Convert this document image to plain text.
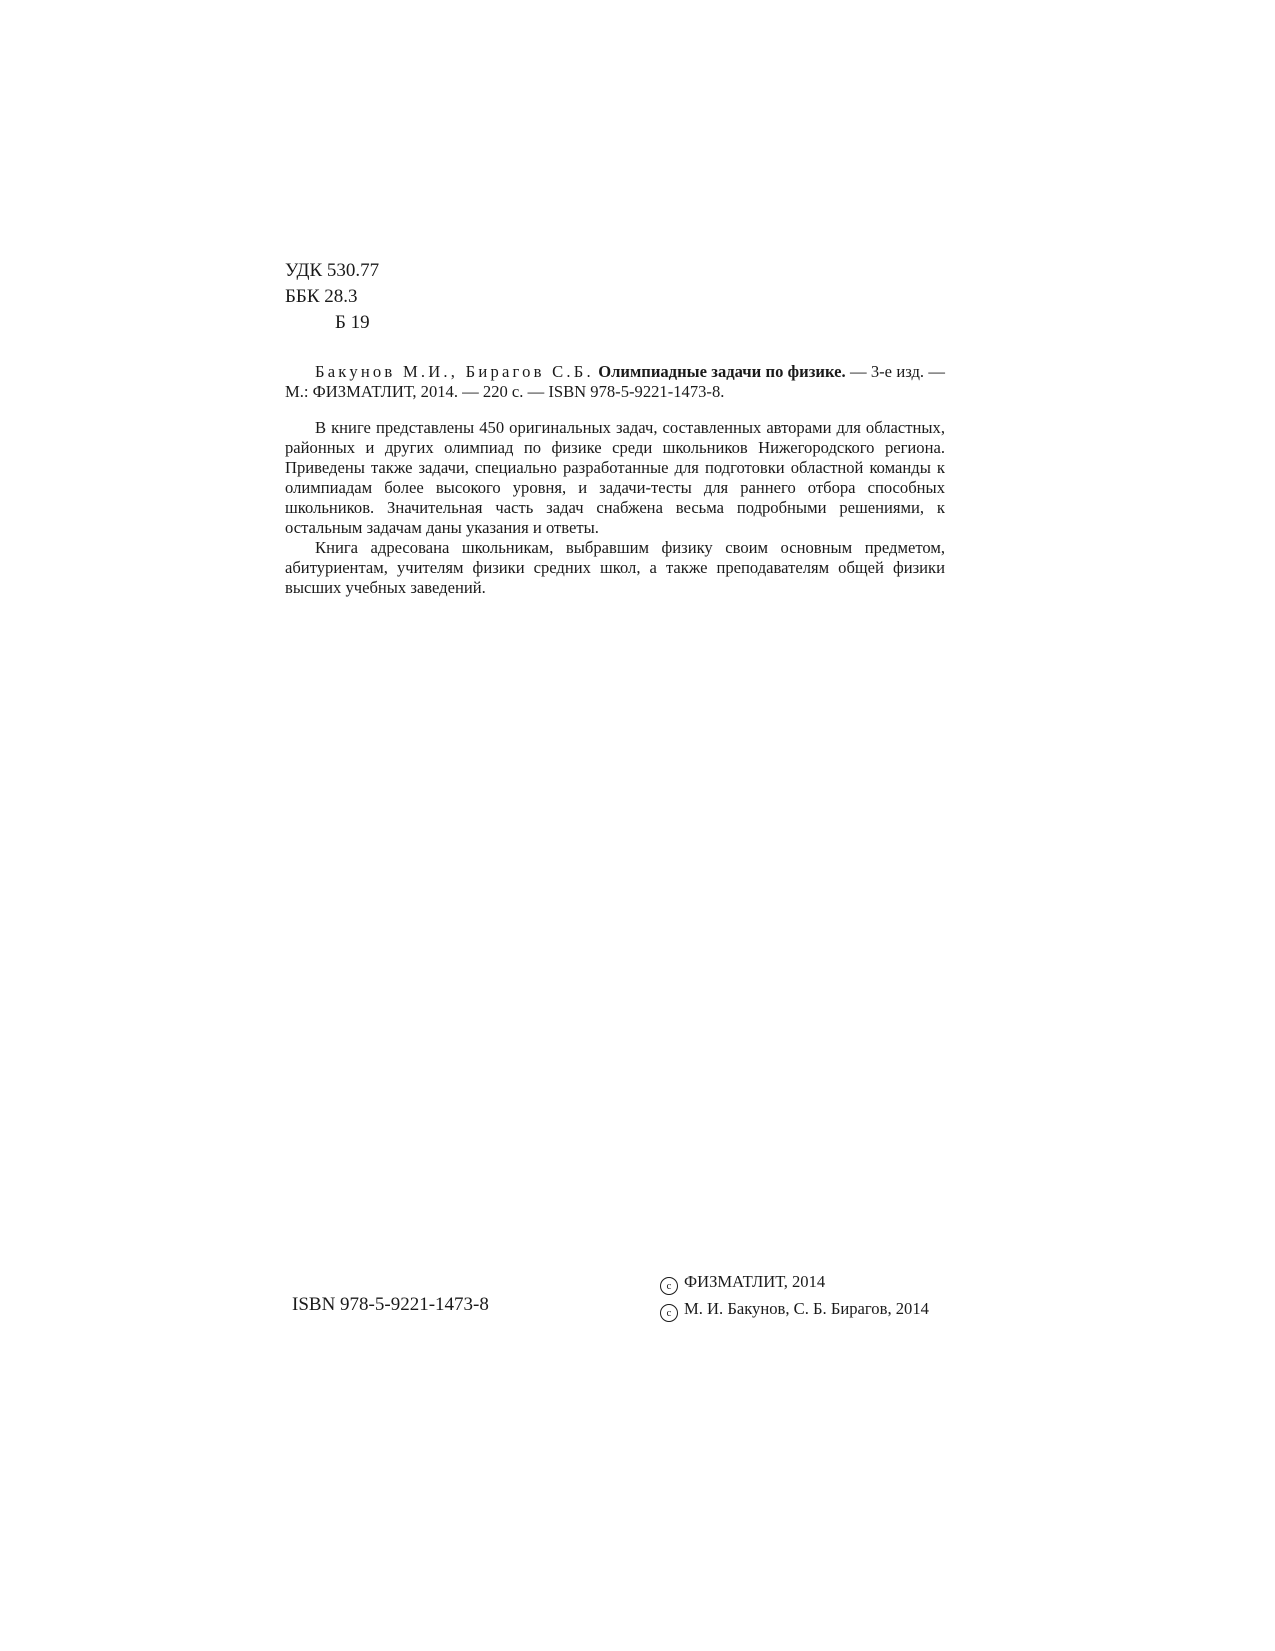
УДК 530.77
ББК 28.3
Б 19

Бакунов М.И., Бирагов С.Б. Олимпиадные задачи по физике. — 3-е изд. — М.: ФИЗМАТЛИТ, 2014. — 220 с. — ISBN 978-5-9221-1473-8.

В книге представлены 450 оригинальных задач, составленных авторами для областных, районных и других олимпиад по физике среди школьников Нижегородского региона. Приведены также задачи, специально разработанные для подготовки областной команды к олимпиадам более высокого уровня, и задачи-тесты для раннего отбора способных школьников. Значительная часть задач снабжена весьма подробными решениями, к остальным задачам даны указания и ответы.

Книга адресована школьникам, выбравшим физику своим основным предметом, абитуриентам, учителям физики средних школ, а также преподавателям общей физики высших учебных заведений.

ISBN 978-5-9221-1473-8
c ФИЗМАТЛИТ, 2014
c М. И. Бакунов, С. Б. Бирагов, 2014
